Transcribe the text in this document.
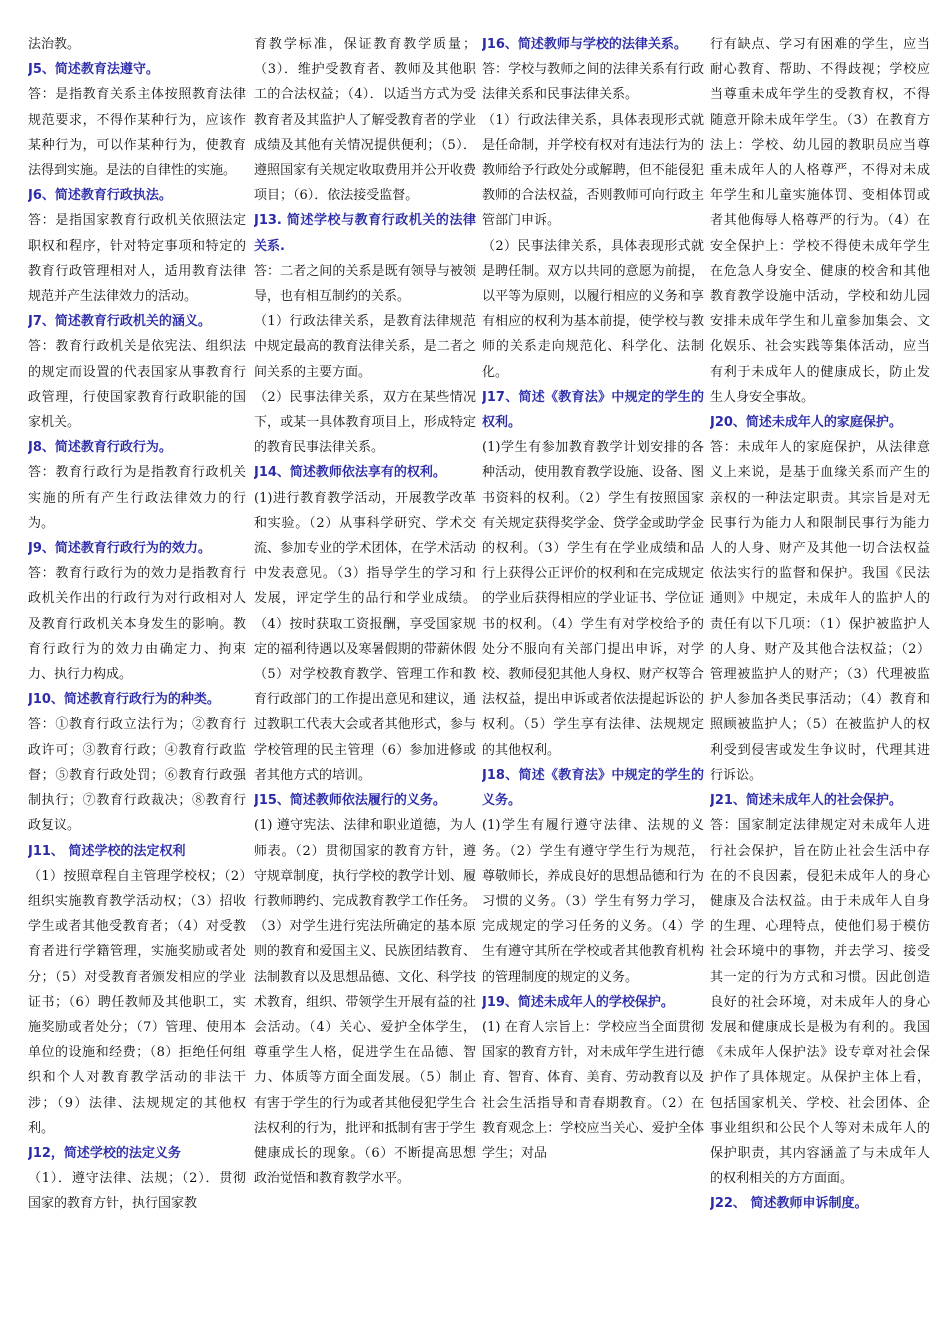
法治教。

J5、简述教育法遵守。

答：是指教育关系主体按照教育法律规范要求，不得作某种行为，应该作某种行为，可以作某种行为，使教育法得到实施。是法的自律性的实施。

J6、简述教育行政执法。

答：是指国家教育行政机关依照法定职权和程序，针对特定事项和特定的教育行政管理相对人，适用教育法律规范并产生法律效力的活动。

J7、简述教育行政机关的涵义。

答：教育行政机关是依宪法、组织法的规定而设置的代表国家从事教育行政管理，行使国家教育行政职能的国家机关。

J8、简述教育行政行为。

答：教育行政行为是指教育行政机关实施的所有产生行政法律效力的行为。

J9、简述教育行政行为的效力。

答：教育行政行为的效力是指教育行政机关作出的行政行为对行政相对人及教育行政机关本身发生的影响。教育行政行为的效力由确定力、拘束力、执行力构成。

J10、简述教育行政行为的种类。

答：①教育行政立法行为；②教育行政许可；③教育行政；④教育行政监督；⑤教育行政处罚；⑥教育行政强制执行；⑦教育行政裁决；⑧教育行政复议。

J11、 简述学校的法定权利

（1）按照章程自主管理学校权；（2）组织实施教育教学活动权；（3）招收学生或者其他受教育者；（4）对受教育者进行学籍管理，实施奖励或者处分；（5）对受教育者颁发相应的学业证书；（6）聘任教师及其他职工，实施奖励或者处分；（7）管理、使用本单位的设施和经费；（8）拒绝任何组织和个人对教育教学活动的非法干涉；（9）法律、法规规定的其他权利。

J12，简述学校的法定义务

（1）．遵守法律、法规；（2）．贯彻国家的教育方针，执行国家教

育教学标准，保证教育教学质量；（3）．维护受教育者、教师及其他职工的合法权益；（4）．以适当方式为受教育者及其监护人了解受教育者的学业成绩及其他有关情况提供便利；（5）．遵照国家有关规定收取费用并公开收费项目；（6）．依法接受监督。

J13. 简述学校与教育行政机关的法律关系.

答：二者之间的关系是既有领导与被领导，也有相互制约的关系。

（1）行政法律关系，是教育法律规范中规定最高的教育法律关系，是二者之间关系的主要方面。

（2）民事法律关系，双方在某些情况下，或某一具体教育项目上，形成特定的教育民事法律关系。

J14、简述教师依法享有的权利。

(1)进行教育教学活动，开展教学改革和实验。（2）从事科学研究、学术交流、参加专业的学术团体，在学术活动中发表意见。（3）指导学生的学习和发展，评定学生的品行和学业成绩。（4）按时获取工资报酬，享受国家规定的福利待遇以及寒暑假期的带薪休假（5）对学校教育教学、管理工作和教育行政部门的工作提出意见和建议，通过教职工代表大会或者其他形式，参与学校管理的民主管理（6）参加进修或者其他方式的培训。

J15、简述教师依法履行的义务。

(1) 遵守宪法、法律和职业道德，为人师表。（2）贯彻国家的教育方针，遵守规章制度，执行学校的教学计划、履行教师聘约、完成教育教学工作任务。（3）对学生进行宪法所确定的基本原则的教育和爱国主义、民族团结教育、法制教育以及思想品德、文化、科学技术教育，组织、带领学生开展有益的社会活动。（4）关心、爱护全体学生，尊重学生人格，促进学生在品德、智力、体质等方面全面发展。（5）制止有害于学生的行为或者其他侵犯学生合法权利的行为，批评和抵制有害于学生健康成长的现象。（6）不断提高思想政治觉悟和教育教学水平。

J16、简述教师与学校的法律关系。

答：学校与教师之间的法律关系有行政法律关系和民事法律关系。

（1）行政法律关系，具体表现形式就是任命制，并学校有权对有违法行为的教师给予行政处分或解聘，但不能侵犯教师的合法权益，否则教师可向行政主管部门申诉。

（2）民事法律关系，具体表现形式就是聘任制。双方以共同的意愿为前提，以平等为原则，以履行相应的义务和享有相应的权利为基本前提，使学校与教师的关系走向规范化、科学化、法制化。

J17、简述《教育法》中规定的学生的权利。

(1)学生有参加教育教学计划安排的各种活动，使用教育教学设施、设备、图书资料的权利。（2）学生有按照国家有关规定获得奖学金、贷学金或助学金的权利。（3）学生有在学业成绩和品行上获得公正评价的权利和在完成规定的学业后获得相应的学业证书、学位证书的权利。（4）学生有对学校给予的处分不服向有关部门提出申诉，对学校、教师侵犯其他人身权、财产权等合法权益，提出申诉或者依法提起诉讼的权利。（5）学生享有法律、法规规定的其他权利。

J18、简述《教育法》中规定的学生的义务。

(1)学生有履行遵守法律、法规的义务。（2）学生有遵守学生行为规范，尊敬师长，养成良好的思想品德和行为习惯的义务。（3）学生有努力学习，完成规定的学习任务的义务。（4）学生有遵守其所在学校或者其他教育机构的管理制度的规定的义务。

J19、简述未成年人的学校保护。

(1) 在育人宗旨上：学校应当全面贯彻国家的教育方针，对未成年学生进行德育、智育、体育、美育、劳动教育以及社会生活指导和青春期教育。（2）在教育观念上：学校应当关心、爱护全体学生；对品

行有缺点、学习有困难的学生，应当耐心教育、帮助、不得歧视；学校应当尊重未成年学生的受教育权，不得随意开除未成年学生。（3）在教育方法上：学校、幼儿园的教职员应当尊重未成年人的人格尊严，不得对未成年学生和儿童实施体罚、变相体罚或者其他侮辱人格尊严的行为。（4）在安全保护上：学校不得使未成年学生在危急人身安全、健康的校舍和其他教育教学设施中活动，学校和幼儿园安排未成年学生和儿童参加集会、文化娱乐、社会实践等集体活动，应当有利于未成年人的健康成长，防止发生人身安全事故。

J20、简述未成年人的家庭保护。

答：未成年人的家庭保护，从法律意义上来说，是基于血缘关系而产生的亲权的一种法定职责。其宗旨是对无民事行为能力人和限制民事行为能力人的人身、财产及其他一切合法权益依法实行的监督和保护。我国《民法通则》中规定，未成年人的监护人的责任有以下几项：（1）保护被监护人的人身、财产及其他合法权益；（2）管理被监护人的财产；（3）代理被监护人参加各类民事活动；（4）教育和照顾被监护人；（5）在被监护人的权利受到侵害或发生争议时，代理其进行诉讼。

J21、简述未成年人的社会保护。

答：国家制定法律规定对未成年人进行社会保护，旨在防止社会生活中存在的不良因素，侵犯未成年人的身心健康及合法权益。由于未成年人自身的生理、心理特点，使他们易于模仿社会环境中的事物，并去学习、接受其一定的行为方式和习惯。因此创造良好的社会环境，对未成年人的身心发展和健康成长是极为有利的。我国《未成年人保护法》设专章对社会保护作了具体规定。从保护主体上看，包括国家机关、学校、社会团体、企事业组织和公民个人等对未成年人的保护职责，其内容涵盖了与未成年人的权利相关的方方面面。

J22、 简述教师申诉制度。
